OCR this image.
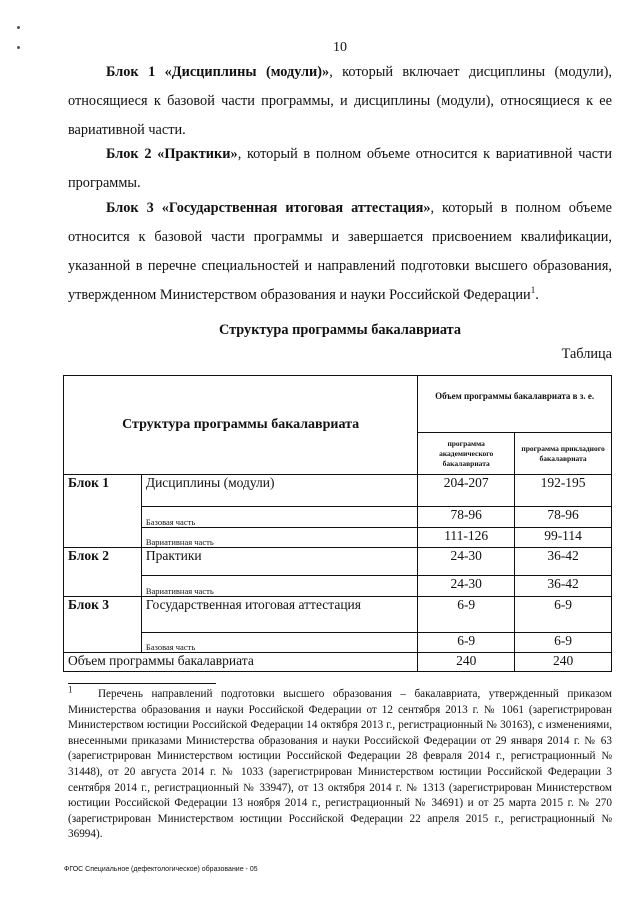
10
Блок 1 «Дисциплины (модули)», который включает дисциплины (модули), относящиеся к базовой части программы, и дисциплины (модули), относящиеся к ее вариативной части.
Блок 2 «Практики», который в полном объеме относится к вариативной части программы.
Блок 3 «Государственная итоговая аттестация», который в полном объеме относится к базовой части программы и завершается присвоением квалификации, указанной в перечне специальностей и направлений подготовки высшего образования, утвержденном Министерством образования и науки Российской Федерации$^1$.
Структура программы бакалавриата
Таблица
Структура программы бакалавриата		Объем программы бакалавриата в з. е.	
		программа академического бакалавриата	программа прикладного бакалавриата
Блок 1	Дисциплины (модули)	204-207	192-195
	Базовая часть	78-96	78-96
	Вариативная часть	111-126	99-114
Блок 2	Практики	24-30	36-42
	Вариативная часть	24-30	36-42
Блок 3	Государственная итоговая аттестация	6-9	6-9
	Базовая часть	6-9	6-9
Объем программы бакалавриата		240	240
$^1$ Перечень направлений подготовки высшего образования – бакалавриата, утвержденный приказом Министерства образования и науки Российской Федерации от 12 сентября 2013 г. № 1061 (зарегистрирован Министерством юстиции Российской Федерации 14 октября 2013 г., регистрационный № 30163), с изменениями, внесенными приказами Министерства образования и науки Российской Федерации от 29 января 2014 г. № 63 (зарегистрирован Министерством юстиции Российской Федерации 28 февраля 2014 г., регистрационный № 31448), от 20 августа 2014 г. № 1033 (зарегистрирован Министерством юстиции Российской Федерации 3 сентября 2014 г., регистрационный № 33947), от 13 октября 2014 г. № 1313 (зарегистрирован Министерством юстиции Российской Федерации 13 ноября 2014 г., регистрационный № 34691) и от 25 марта 2015 г. № 270 (зарегистрирован Министерством юстиции Российской Федерации 22 апреля 2015 г., регистрационный № 36994).
ФГОС Специальное (дефектологическое) образование - 05
